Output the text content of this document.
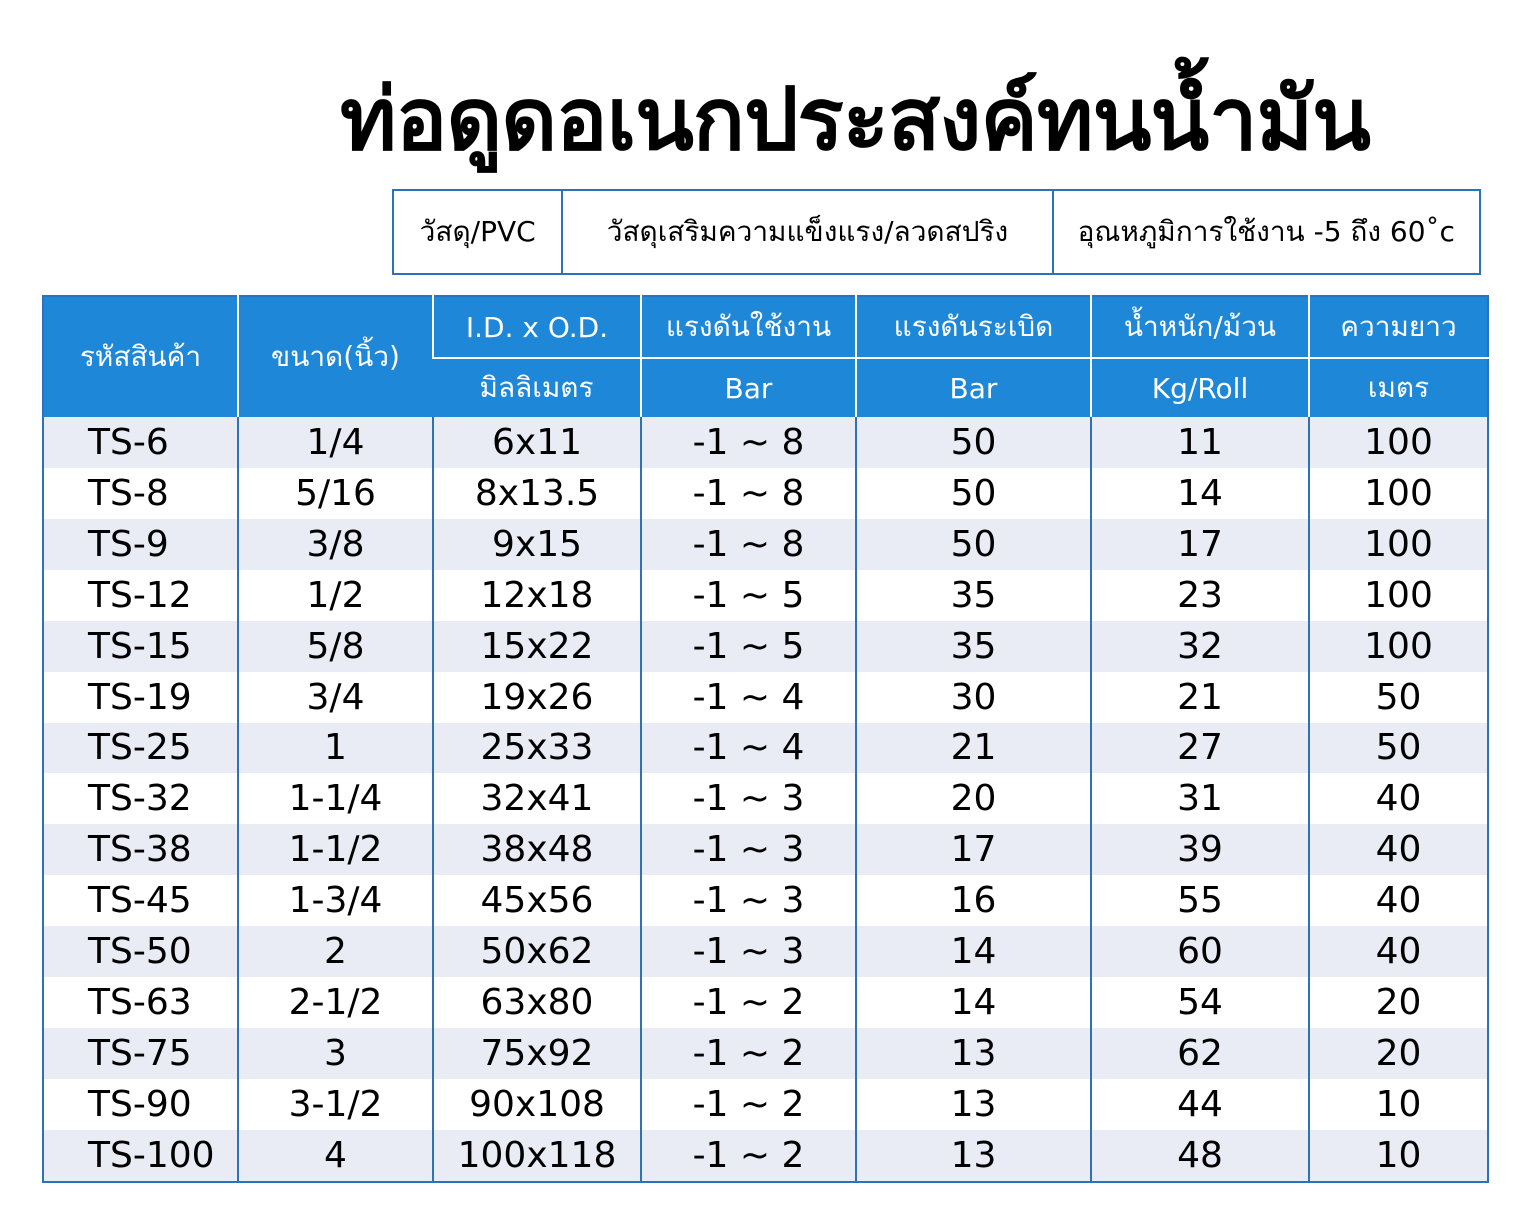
ท่อดูดอเนกประสงค์ทนน้ำมัน
วัสดุ/PVC	วัสดุเสริมความแข็งแรง/ลวดสปริง	อุณหภูมิการใช้งาน -5 ถึง 60˚c
รหัสสินค้า	ขนาด(นิ้ว)	I.D. x O.D.	แรงดันใช้งาน	แรงดันระเบิด	น้ำหนัก/ม้วน	ความยาว
		มิลลิเมตร	Bar	Bar	Kg/Roll	เมตร
TS-6	1/4	6x11	-1 ~ 8	50	11	100
TS-8	5/16	8x13.5	-1 ~ 8	50	14	100
TS-9	3/8	9x15	-1 ~ 8	50	17	100
TS-12	1/2	12x18	-1 ~ 5	35	23	100
TS-15	5/8	15x22	-1 ~ 5	35	32	100
TS-19	3/4	19x26	-1 ~ 4	30	21	50
TS-25	1	25x33	-1 ~ 4	21	27	50
TS-32	1-1/4	32x41	-1 ~ 3	20	31	40
TS-38	1-1/2	38x48	-1 ~ 3	17	39	40
TS-45	1-3/4	45x56	-1 ~ 3	16	55	40
TS-50	2	50x62	-1 ~ 3	14	60	40
TS-63	2-1/2	63x80	-1 ~ 2	14	54	20
TS-75	3	75x92	-1 ~ 2	13	62	20
TS-90	3-1/2	90x108	-1 ~ 2	13	44	10
TS-100	4	100x118	-1 ~ 2	13	48	10
